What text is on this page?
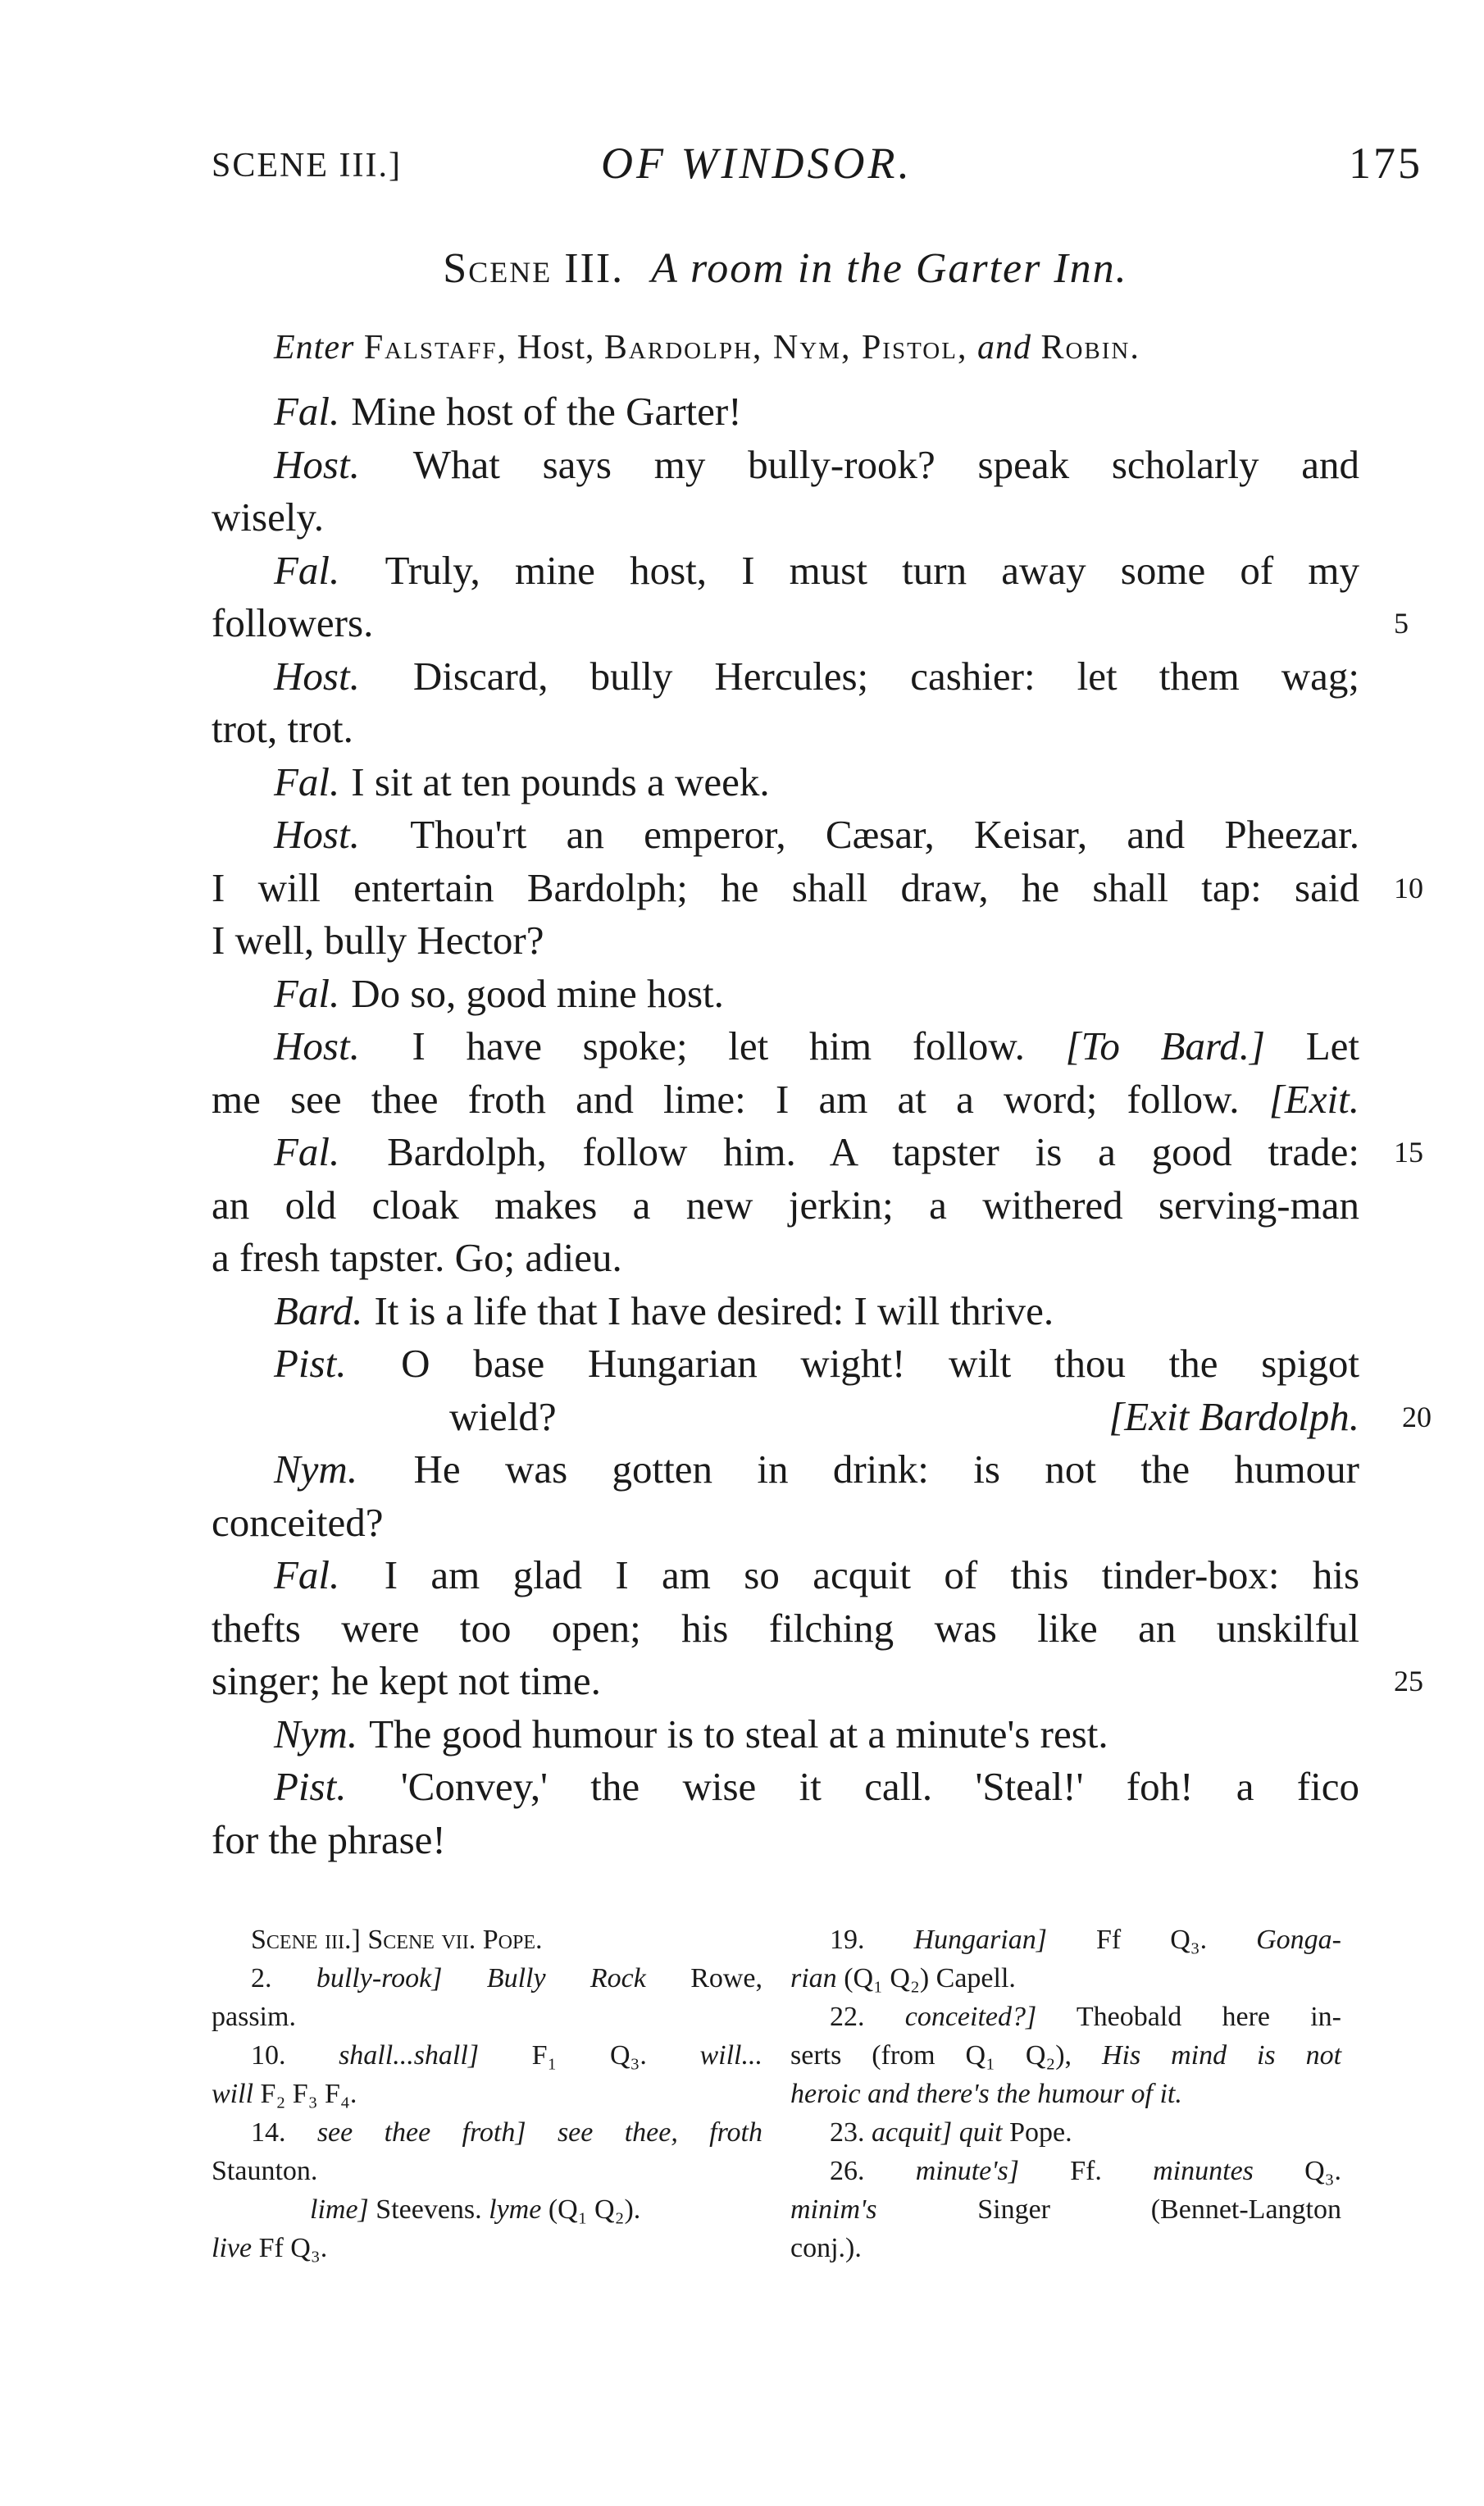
SCENE III.]	OF WINDSOR.	175
Scene III. A room in the Garter Inn.
Enter Falstaff, Host, Bardolph, Nym, Pistol, and Robin.
Fal. Mine host of the Garter!
Host. What says my bully-rook? speak scholarly and
wisely.
Fal. Truly, mine host, I must turn away some of my
followers.	5
Host. Discard, bully Hercules; cashier: let them wag;
trot, trot.
Fal. I sit at ten pounds a week.
Host. Thou'rt an emperor, Cæsar, Keisar, and Pheezar.
I will entertain Bardolph; he shall draw, he shall tap: said 10
I well, bully Hector?
Fal. Do so, good mine host.
Host. I have spoke; let him follow. [To Bard.] Let
me see thee froth and lime: I am at a word; follow. [Exit.
Fal. Bardolph, follow him. A tapster is a good trade: 15
an old cloak makes a new jerkin; a withered serving-man
a fresh tapster. Go; adieu.
Bard. It is a life that I have desired: I will thrive.
Pist. O base Hungarian wight! wilt thou the spigot
wield?	[Exit Bardolph. 20
Nym. He was gotten in drink: is not the humour
conceited?
Fal. I am glad I am so acquit of this tinder-box: his
thefts were too open; his filching was like an unskilful
singer; he kept not time.	25
Nym. The good humour is to steal at a minute's rest.
Pist. 'Convey,' the wise it call. 'Steal!' foh! a fico
for the phrase!
Scene iii.] Scene vii. Pope.
2. bully-rook] Bully Rock Rowe,
passim.
10. shall...shall] F₁ Q₃. will...
will F₂ F₃ F₄.
14. see thee froth] see thee, froth
Staunton.
lime] Steevens. lyme (Q₁ Q₂).
live Ff Q₃.
19. Hungarian] Ff Q₃. Gonga-
rian (Q₁ Q₂) Capell.
22. conceited?] Theobald here in-
serts (from Q₁ Q₂), His mind is not
heroic and there's the humour of it.
23. acquit] quit Pope.
26. minute's] Ff. minuntes Q₃.
minim's	Singer	(Bennet-Langton
conj.).
